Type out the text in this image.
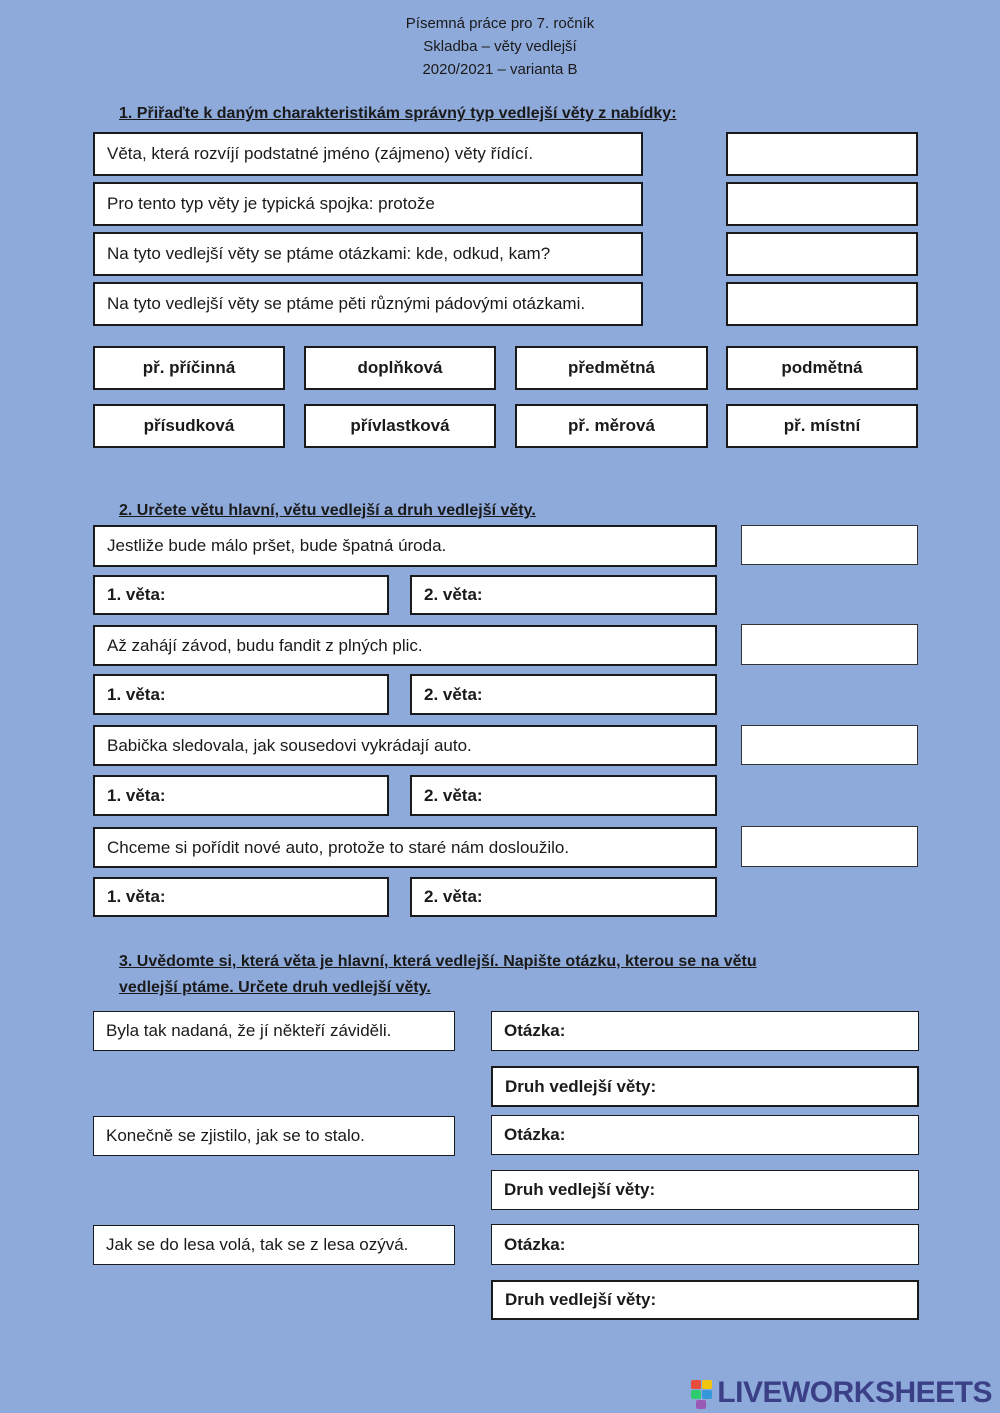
Písemná práce pro 7. ročník
Skladba – věty vedlejší
2020/2021 – varianta B
1. Přiřaďte k daným charakteristikám správný typ vedlejší věty z nabídky:
Věta, která rozvíjí podstatné jméno (zájmeno) věty řídící.
Pro tento typ věty je typická spojka: protože
Na tyto vedlejší věty se ptáme otázkami: kde, odkud, kam?
Na tyto vedlejší věty se ptáme pěti různými pádovými otázkami.
př. příčinná	doplňková	předmětná	podmětná
přísudková	přívlastková	př. měrová	př. místní
2. Určete větu hlavní, větu vedlejší a druh vedlejší věty.
Jestliže bude málo pršet, bude špatná úroda.
1. věta:	2. věta:
Až zahájí závod, budu fandit z plných plic.
1. věta:	2. věta:
Babička sledovala, jak sousedovi vykrádají auto.
1. věta:	2. věta:
Chceme si pořídit nové auto, protože to staré nám dosloužilo.
1. věta:	2. věta:
3. Uvědomte si, která věta je hlavní, která vedlejší. Napište otázku, kterou se na větu
vedlejší ptáme. Určete druh vedlejší věty.
Byla tak nadaná, že jí někteří záviděli.	Otázka:
Druh vedlejší věty:
Konečně se zjistilo, jak se to stalo.	Otázka:
Druh vedlejší věty:
Jak se do lesa volá, tak se z lesa ozývá.	Otázka:
Druh vedlejší věty:
LIVEWORKSHEETS
